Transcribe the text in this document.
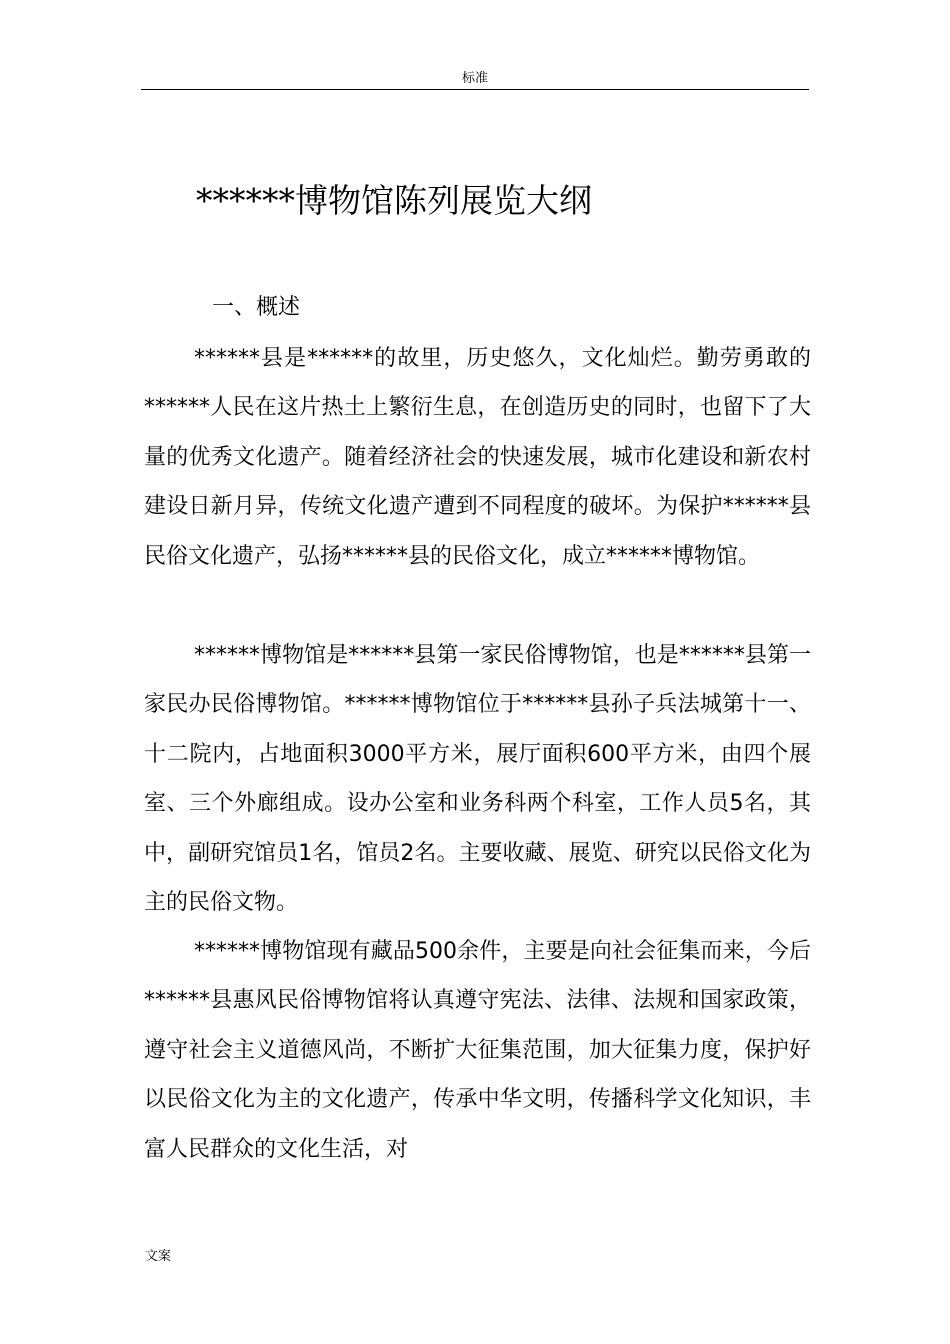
标准
******博物馆陈列展览大纲
一、概述

******县是******的故里，历史悠久，文化灿烂。勤劳勇敢的******人民在这片热土上繁衍生息，在创造历史的同时，也留下了大量的优秀文化遗产。随着经济社会的快速发展，城市化建设和新农村建设日新月异，传统文化遗产遭到不同程度的破坏。为保护******县民俗文化遗产，弘扬******县的民俗文化，成立******博物馆。

******博物馆是******县第一家民俗博物馆，也是******县第一家民办民俗博物馆。******博物馆位于******县孙子兵法城第十一、十二院内，占地面积3000平方米，展厅面积600平方米，由四个展室、三个外廊组成。设办公室和业务科两个科室，工作人员5名，其中，副研究馆员1名，馆员2名。主要收藏、展览、研究以民俗文化为主的民俗文物。

******博物馆现有藏品500余件，主要是向社会征集而来，今后******县惠风民俗博物馆将认真遵守宪法、法律、法规和国家政策，遵守社会主义道德风尚，不断扩大征集范围，加大征集力度，保护好以民俗文化为主的文化遗产，传承中华文明，传播科学文化知识，丰富人民群众的文化生活，对

文案
